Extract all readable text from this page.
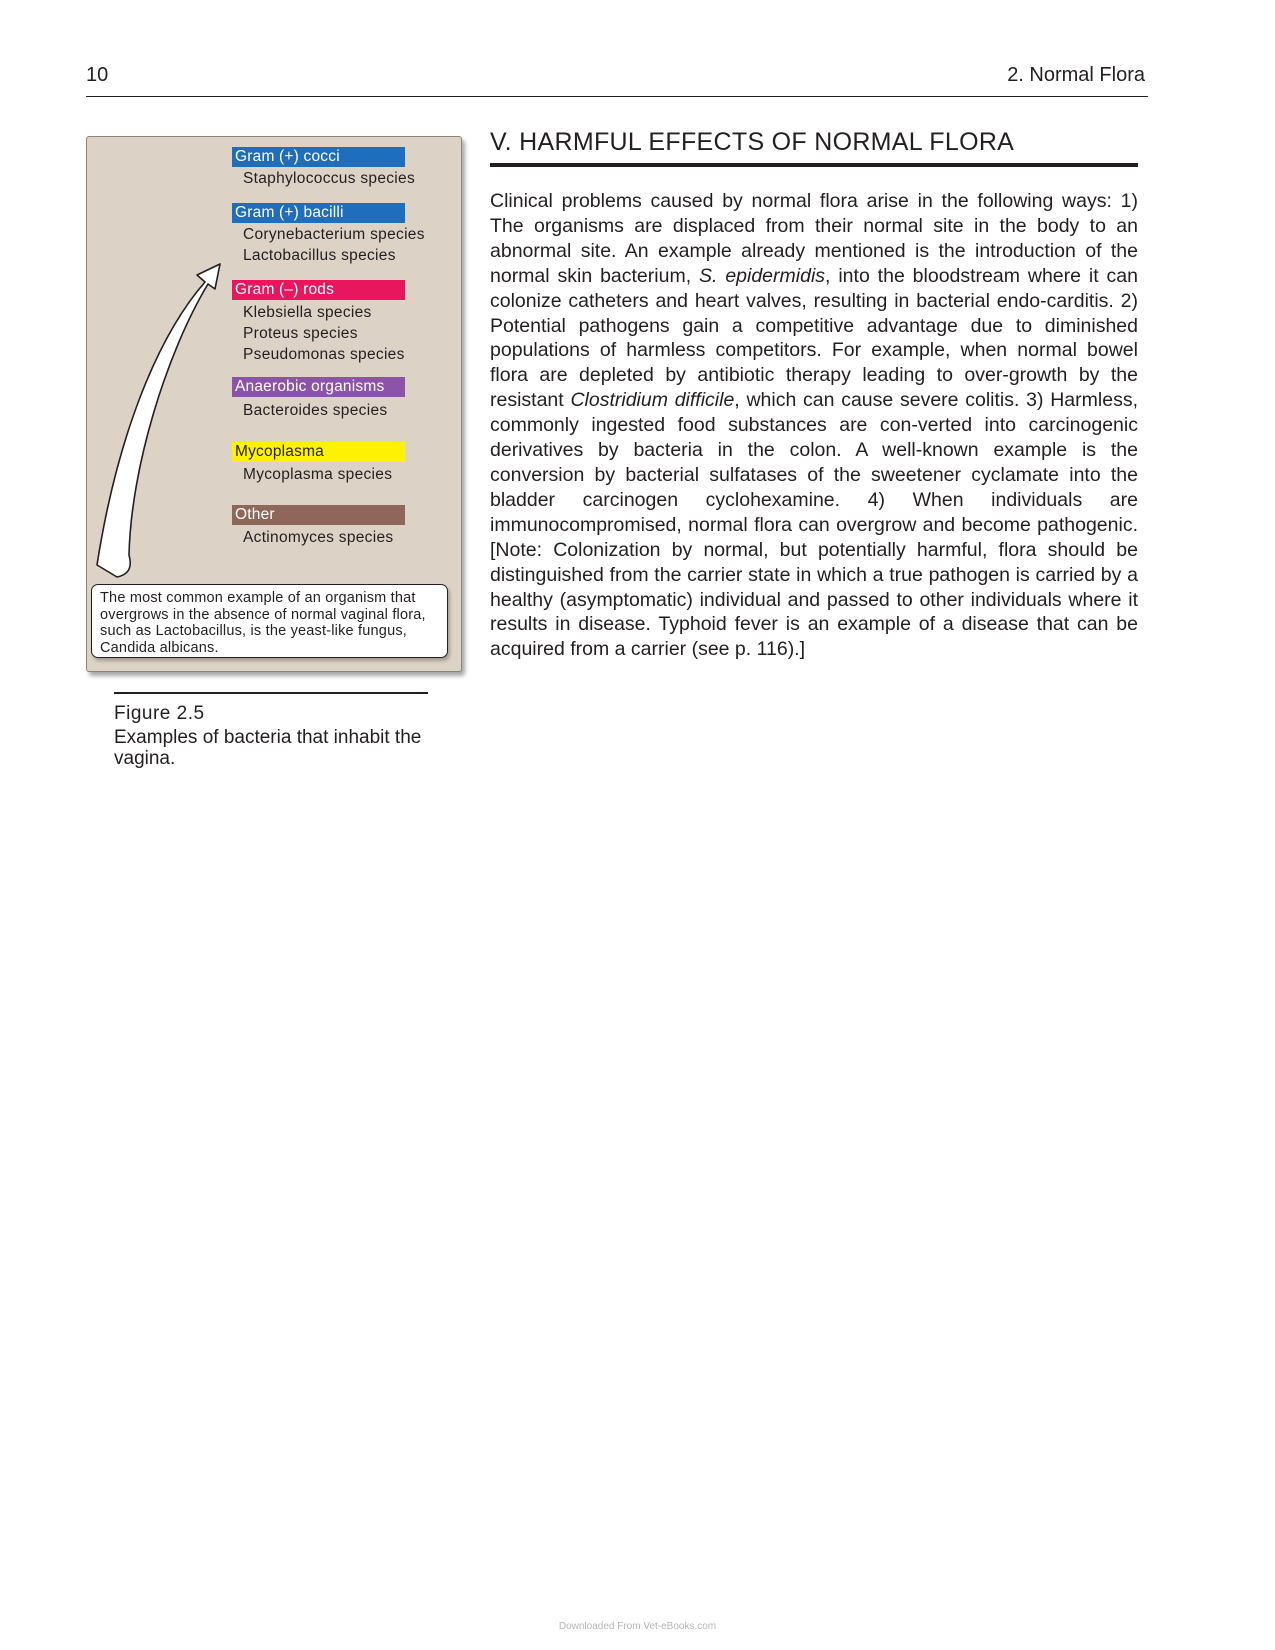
10	2. Normal Flora
Gram (+) cocci
Staphylococcus species
Gram (+) bacilli
Corynebacterium species
Lactobacillus species
Gram (–) rods
Klebsiella species
Proteus species
Pseudomonas species
Anaerobic organisms
Bacteroides species
Mycoplasma
Mycoplasma species
Other
Actinomyces species
The most common example of an organism that overgrows in the absence of normal vaginal flora, such as Lactobacillus, is the yeast-like fungus, Candida albicans.
Figure 2.5
Examples of bacteria that inhabit the vagina.
V. HARMFUL EFFECTS OF NORMAL FLORA

Clinical problems caused by normal flora arise in the following ways: 1) The organisms are displaced from their normal site in the body to an abnormal site. An example already mentioned is the introduction of the normal skin bacterium, S. epidermidis, into the bloodstream where it can colonize catheters and heart valves, resulting in bacterial endo-carditis. 2) Potential pathogens gain a competitive advantage due to diminished populations of harmless competitors. For example, when normal bowel flora are depleted by antibiotic therapy leading to over-growth by the resistant Clostridium difficile, which can cause severe colitis. 3) Harmless, commonly ingested food substances are con-verted into carcinogenic derivatives by bacteria in the colon. A well-known example is the conversion by bacterial sulfatases of the sweetener cyclamate into the bladder carcinogen cyclohexamine. 4) When individuals are immunocompromised, normal flora can overgrow and become pathogenic. [Note: Colonization by normal, but potentially harmful, flora should be distinguished from the carrier state in which a true pathogen is carried by a healthy (asymptomatic) individual and passed to other individuals where it results in disease. Typhoid fever is an example of a disease that can be acquired from a carrier (see p. 116).]

Downloaded From Vet-eBooks.com
